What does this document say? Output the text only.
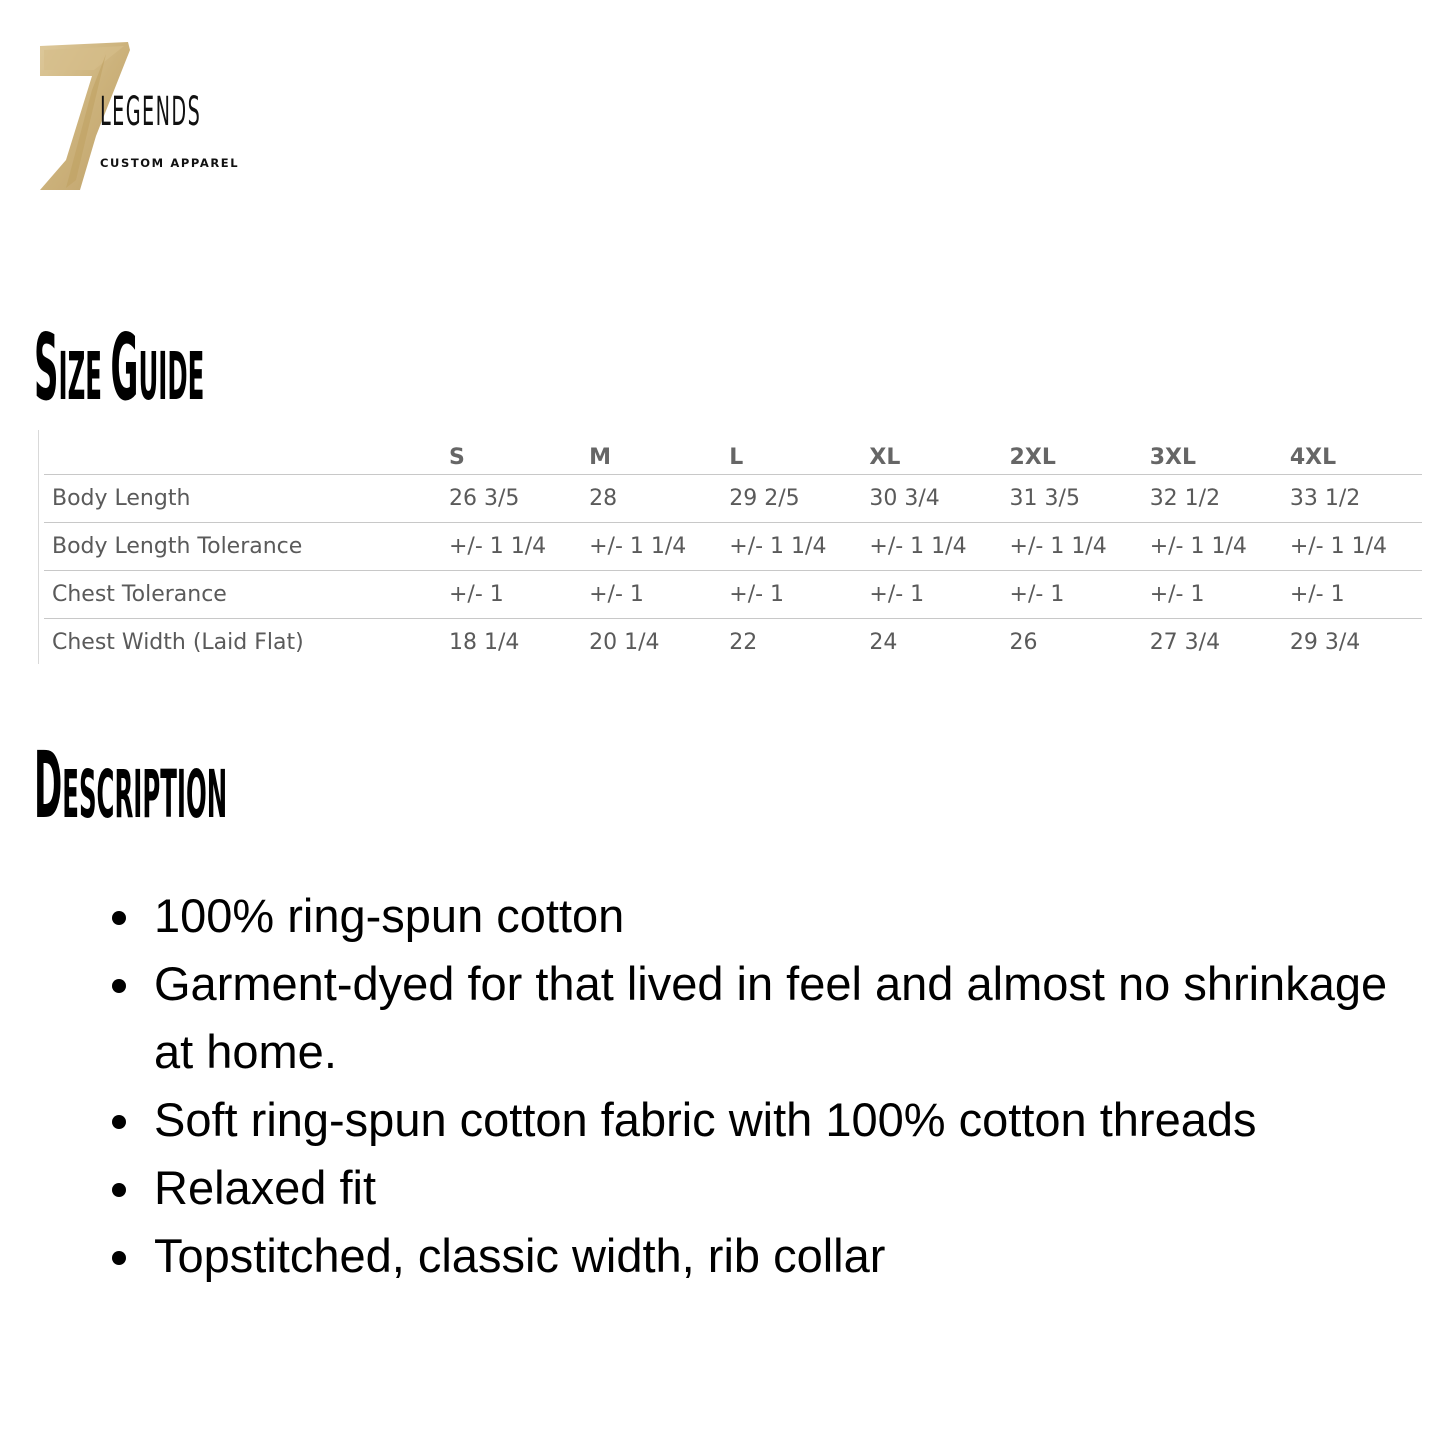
LEGENDS
CUSTOM APPAREL
SIZE GUIDE
	S	M	L	XL	2XL	3XL	4XL
Body Length	26 3/5	28	29 2/5	30 3/4	31 3/5	32 1/2	33 1/2
Body Length Tolerance	+/- 1 1/4	+/- 1 1/4	+/- 1 1/4	+/- 1 1/4	+/- 1 1/4	+/- 1 1/4	+/- 1 1/4
Chest Tolerance	+/- 1	+/- 1	+/- 1	+/- 1	+/- 1	+/- 1	+/- 1
Chest Width (Laid Flat)	18 1/4	20 1/4	22	24	26	27 3/4	29 3/4
DESCRIPTION
100% ring-spun cotton
Garment-dyed for that lived in feel and almost no shrinkage at home.
Soft ring-spun cotton fabric with 100% cotton threads
Relaxed fit
Topstitched, classic width, rib collar
